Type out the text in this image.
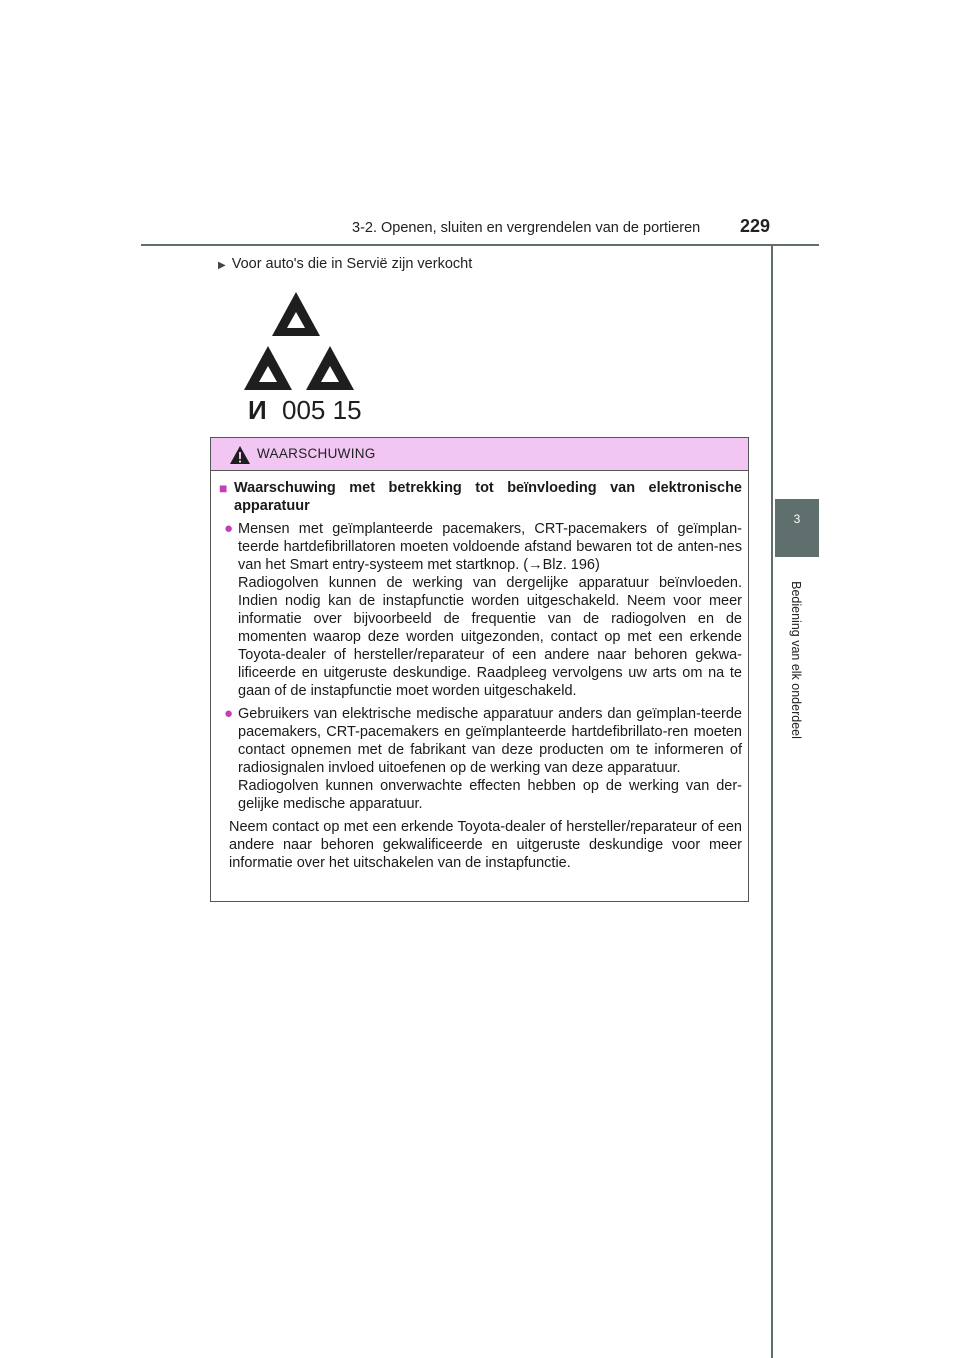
3-2. Openen, sluiten en vergrendelen van de portieren 229
3
Bediening van elk onderdeel
▶ Voor auto's die in Servië zijn verkocht
И 005 15
WAARSCHUWING
■ Waarschuwing met betrekking tot beïnvloeding van elektronische apparatuur
● Mensen met geïmplanteerde pacemakers, CRT-pacemakers of geïmplan-teerde hartdefibrillatoren moeten voldoende afstand bewaren tot de anten-nes van het Smart entry-systeem met startknop. (→Blz. 196)

Radiogolven kunnen de werking van dergelijke apparatuur beïnvloeden. Indien nodig kan de instapfunctie worden uitgeschakeld. Neem voor meer informatie over bijvoorbeeld de frequentie van de radiogolven en de momenten waarop deze worden uitgezonden, contact op met een erkende Toyota-dealer of hersteller/reparateur of een andere naar behoren gekwa-lificeerde en uitgeruste deskundige. Raadpleeg vervolgens uw arts om na te gaan of de instapfunctie moet worden uitgeschakeld.

● Gebruikers van elektrische medische apparatuur anders dan geïmplan-teerde pacemakers, CRT-pacemakers en geïmplanteerde hartdefibrillato-ren moeten contact opnemen met de fabrikant van deze producten om te informeren of radiosignalen invloed uitoefenen op de werking van deze apparatuur.

Radiogolven kunnen onverwachte effecten hebben op de werking van der-gelijke medische apparatuur.

Neem contact op met een erkende Toyota-dealer of hersteller/reparateur of een andere naar behoren gekwalificeerde en uitgeruste deskundige voor meer informatie over het uitschakelen van de instapfunctie.
